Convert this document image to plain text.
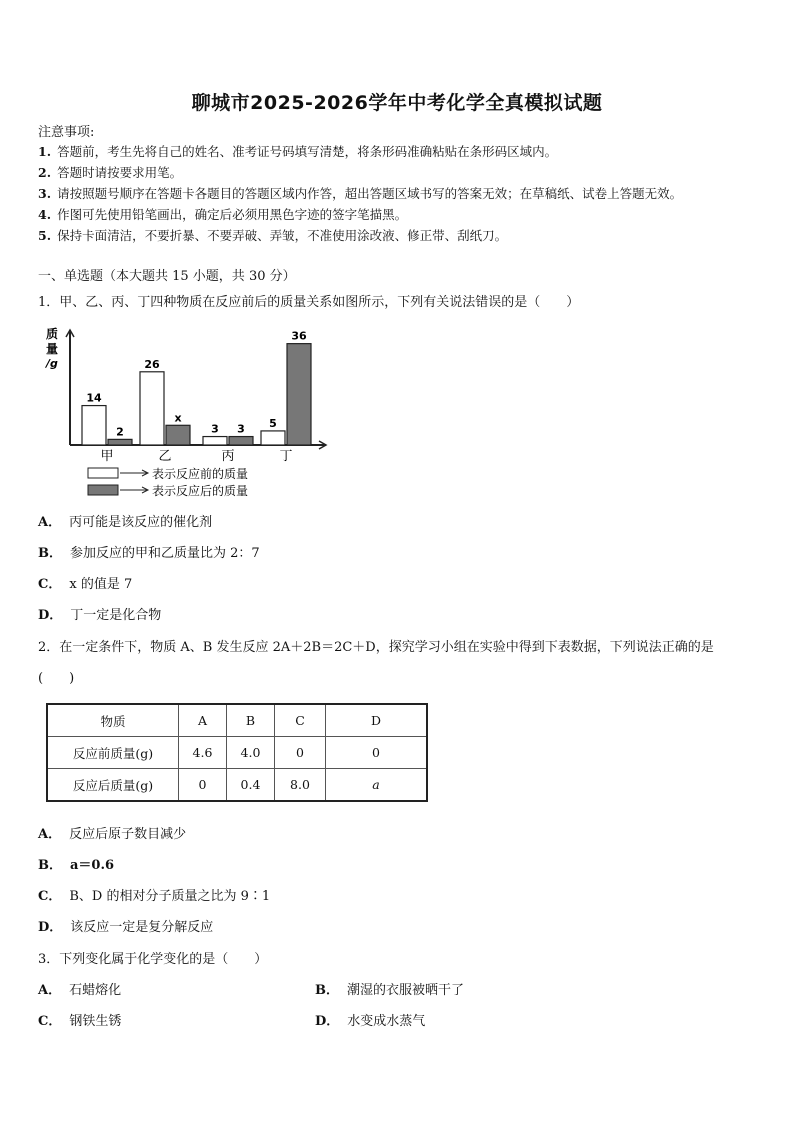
聊城市2025-2026学年中考化学全真模拟试题
注意事项:
1. 答题前，考生先将自己的姓名、准考证号码填写清楚，将条形码准确粘贴在条形码区域内。
2. 答题时请按要求用笔。
3. 请按照题号顺序在答题卡各题目的答题区域内作答，超出答题区域书写的答案无效；在草稿纸、试卷上答题无效。
4. 作图可先使用铅笔画出，确定后必须用黑色字迹的签字笔描黑。
5. 保持卡面清洁，不要折暴、不要弄破、弄皱，不准使用涂改液、修正带、刮纸刀。
一、单选题（本大题共 15 小题，共 30 分）
1．甲、乙、丙、丁四种物质在反应前后的质量关系如图所示，下列有关说法错误的是（　　）
质
量
/g
14
2
甲
26
x
乙
3 3
丙
5
36
丁
表示反应前的质量
表示反应后的质量
A． 丙可能是该反应的催化剂
B． 参加反应的甲和乙质量比为 2：7
C． x 的值是 7
D． 丁一定是化合物
2．在一定条件下，物质 A、B 发生反应 2A＋2B＝2C＋D，探究学习小组在实验中得到下表数据，下列说法正确的是
(　　)
物质	A	B	C	D
反应前质量(g)	4.6	4.0	0	0
反应后质量(g)	0	0.4	8.0	a
A． 反应后原子数目减少
B． a＝0.6
C． B、D 的相对分子质量之比为 9∶1
D． 该反应一定是复分解反应
3．下列变化属于化学变化的是（　　）
A． 石蜡熔化	B． 潮湿的衣服被晒干了
C． 钢铁生锈	D． 水变成水蒸气
